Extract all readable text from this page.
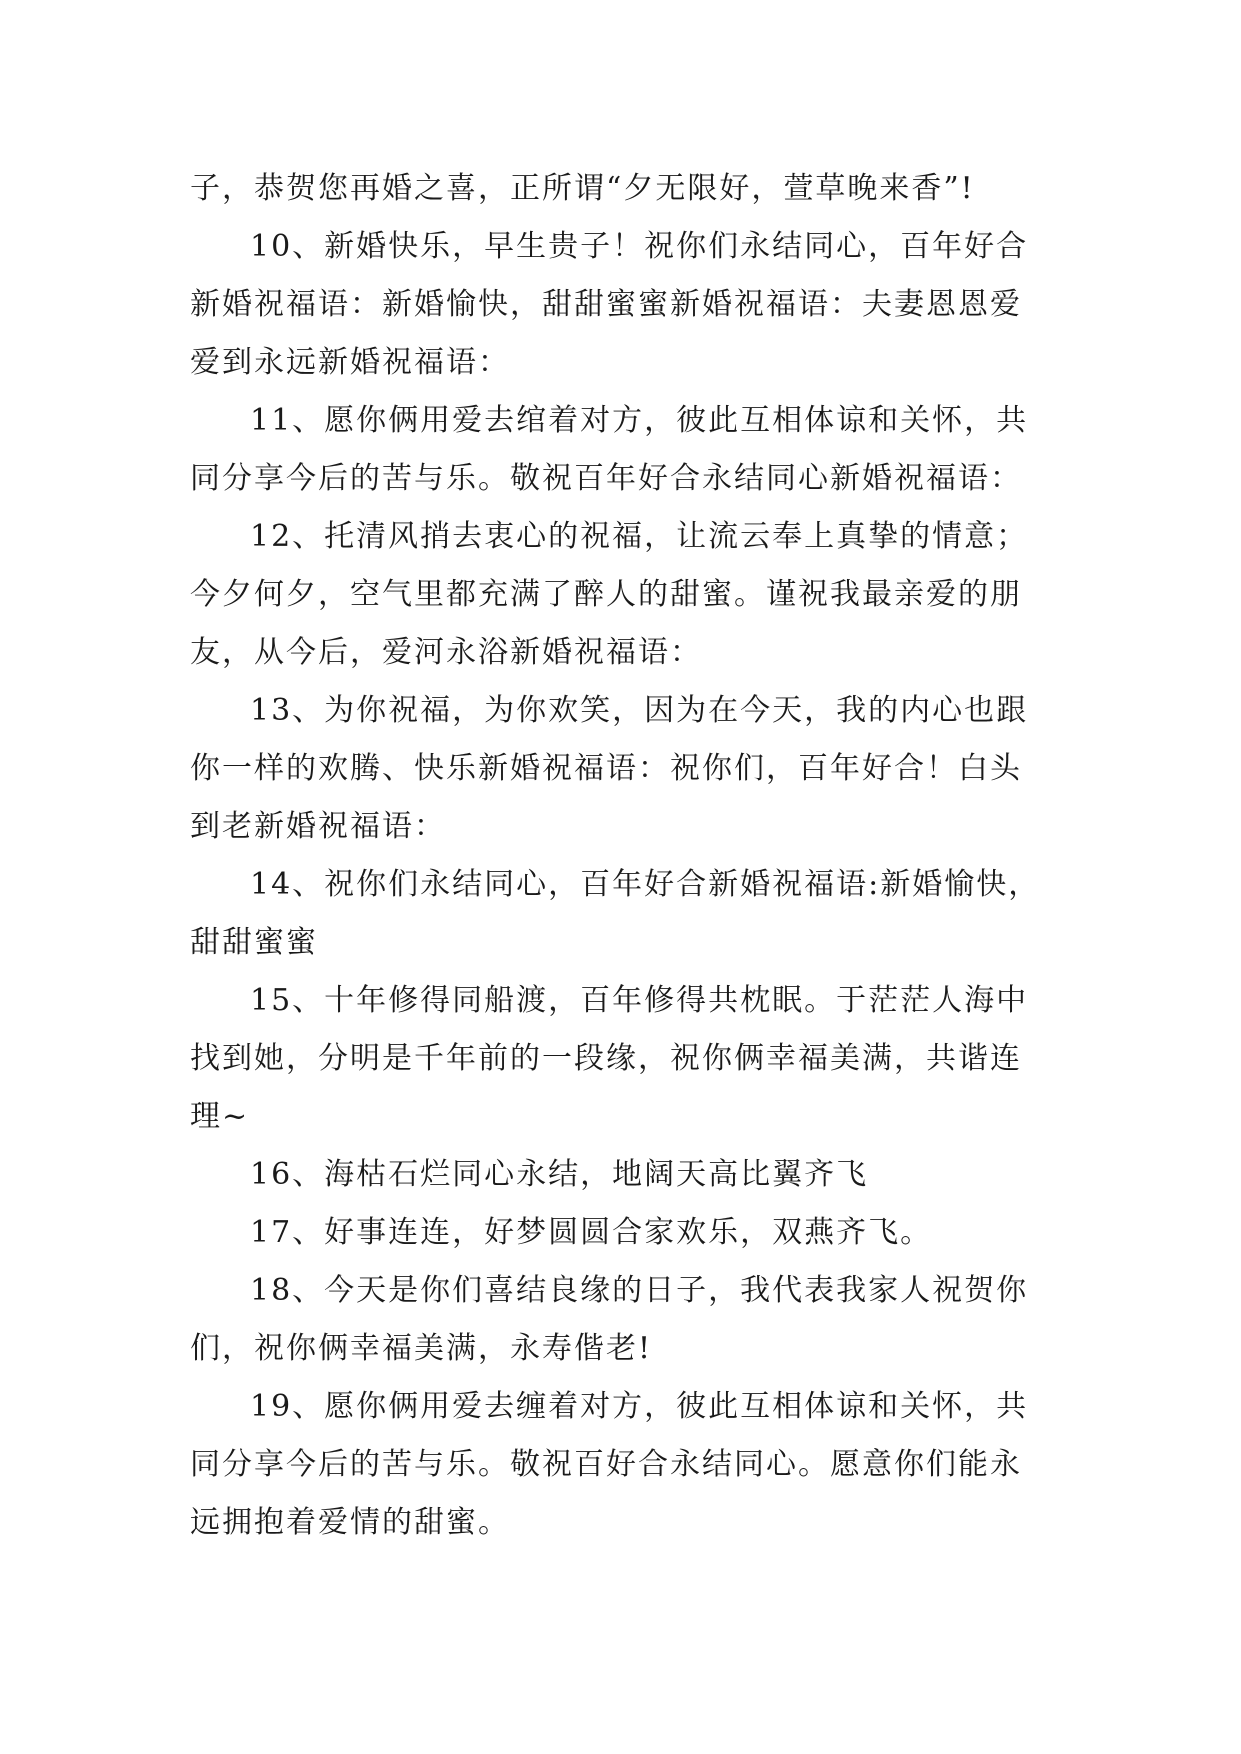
子，恭贺您再婚之喜，正所谓“夕无限好，萱草晚来香”!
10、新婚快乐，早生贵子！祝你们永结同心，百年好合
新婚祝福语：新婚愉快，甜甜蜜蜜新婚祝福语：夫妻恩恩爱
爱到永远新婚祝福语：
11、愿你俩用爱去绾着对方，彼此互相体谅和关怀，共
同分享今后的苦与乐。敬祝百年好合永结同心新婚祝福语：
12、托清风捎去衷心的祝福，让流云奉上真挚的情意；
今夕何夕，空气里都充满了醉人的甜蜜。谨祝我最亲爱的朋
友，从今后，爱河永浴新婚祝福语：
13、为你祝福，为你欢笑，因为在今天，我的内心也跟
你一样的欢腾、快乐新婚祝福语：祝你们，百年好合！白头
到老新婚祝福语：
14、祝你们永结同心，百年好合新婚祝福语:新婚愉快，
甜甜蜜蜜
15、十年修得同船渡，百年修得共枕眠。于茫茫人海中
找到她，分明是千年前的一段缘，祝你俩幸福美满，共谐连
理~
16、海枯石烂同心永结，地阔天高比翼齐飞
17、好事连连，好梦圆圆合家欢乐，双燕齐飞。
18、今天是你们喜结良缘的日子，我代表我家人祝贺你
们，祝你俩幸福美满，永寿偕老!
19、愿你俩用爱去缠着对方，彼此互相体谅和关怀，共
同分享今后的苦与乐。敬祝百好合永结同心。愿意你们能永
远拥抱着爱情的甜蜜。
